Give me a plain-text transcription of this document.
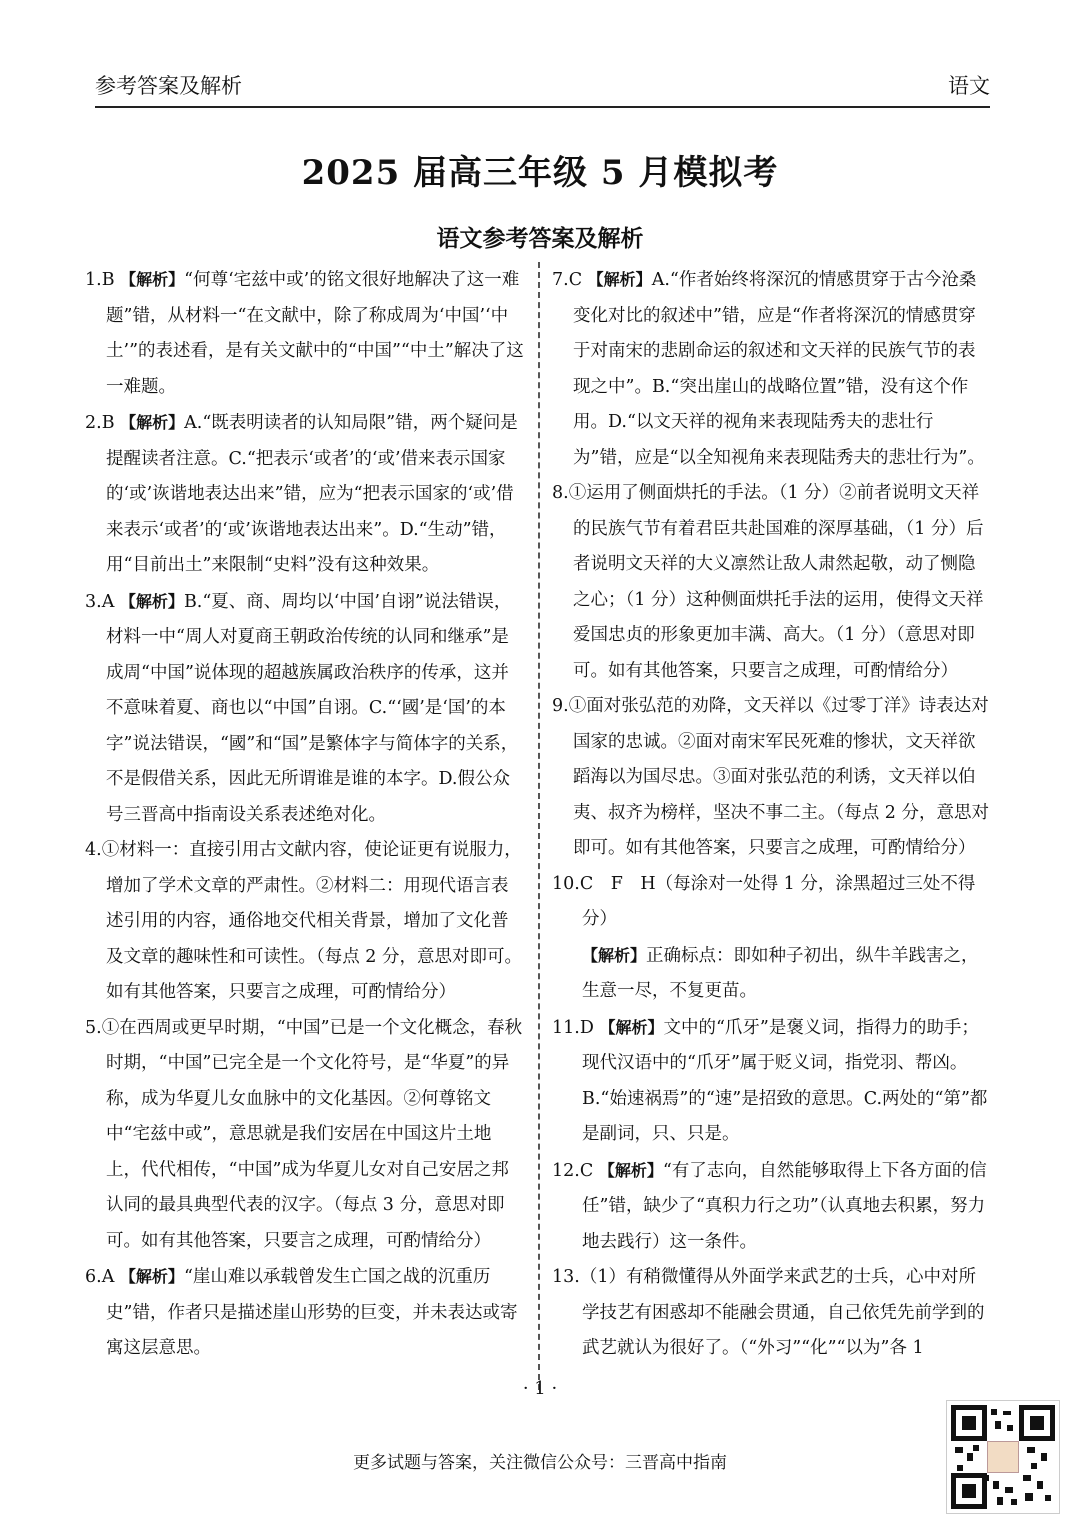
参考答案及解析	语文
2025 届高三年级 5 月模拟考
语文参考答案及解析

1.B 【解析】“何尊‘宅兹中或’的铭文很好地解决了这一难题”错，从材料一“在文献中，除了称成周为‘中国’‘中土’”的表述看，是有关文献中的“中国”“中土”解决了这一难题。

2.B 【解析】A.“既表明读者的认知局限”错，两个疑问是提醒读者注意。C.“把表示‘或者’的‘或’借来表示国家的‘或’诙谐地表达出来”错，应为“把表示国家的‘或’借来表示‘或者’的‘或’诙谐地表达出来”。D.“生动”错，用“目前出土”来限制“史料”没有这种效果。

3.A 【解析】B.“夏、商、周均以‘中国’自诩”说法错误，材料一中“周人对夏商王朝政治传统的认同和继承”是成周“中国”说体现的超越族属政治秩序的传承，这并不意味着夏、商也以“中国”自诩。C.“‘國’是‘国’的本字”说法错误，“國”和“国”是繁体字与简体字的关系，不是假借关系，因此无所谓谁是谁的本字。D.假公众号三晋高中指南设关系表述绝对化。

4.①材料一：直接引用古文献内容，使论证更有说服力，增加了学术文章的严肃性。②材料二：用现代语言表述引用的内容，通俗地交代相关背景，增加了文化普及文章的趣味性和可读性。（每点 2 分，意思对即可。如有其他答案，只要言之成理，可酌情给分）

5.①在西周或更早时期，“中国”已是一个文化概念，春秋时期，“中国”已完全是一个文化符号，是“华夏”的异称，成为华夏儿女血脉中的文化基因。②何尊铭文中“宅兹中或”，意思就是我们安居在中国这片土地上，代代相传，“中国”成为华夏儿女对自己安居之邦认同的最具典型代表的汉字。（每点 3 分，意思对即可。如有其他答案，只要言之成理，可酌情给分）

6.A 【解析】“崖山难以承载曾发生亡国之战的沉重历史”错，作者只是描述崖山形势的巨变，并未表达或寄寓这层意思。

7.C 【解析】A.“作者始终将深沉的情感贯穿于古今沧桑变化对比的叙述中”错，应是“作者将深沉的情感贯穿于对南宋的悲剧命运的叙述和文天祥的民族气节的表现之中”。B.“突出崖山的战略位置”错，没有这个作用。D.“以文天祥的视角来表现陆秀夫的悲壮行为”错，应是“以全知视角来表现陆秀夫的悲壮行为”。

8.①运用了侧面烘托的手法。（1 分）②前者说明文天祥的民族气节有着君臣共赴国难的深厚基础，（1 分）后者说明文天祥的大义凛然让敌人肃然起敬，动了恻隐之心；（1 分）这种侧面烘托手法的运用，使得文天祥爱国忠贞的形象更加丰满、高大。（1 分）（意思对即可。如有其他答案，只要言之成理，可酌情给分）

9.①面对张弘范的劝降，文天祥以《过零丁洋》诗表达对国家的忠诚。②面对南宋军民死难的惨状，文天祥欲蹈海以为国尽忠。③面对张弘范的利诱，文天祥以伯夷、叔齐为榜样，坚决不事二主。（每点 2 分，意思对即可。如有其他答案，只要言之成理，可酌情给分）

10.C　F　H（每涂对一处得 1 分，涂黑超过三处不得分）

【解析】正确标点：即如种子初出，纵牛羊践害之，生意一尽，不复更苗。

11.D 【解析】文中的“爪牙”是褒义词，指得力的助手；现代汉语中的“爪牙”属于贬义词，指党羽、帮凶。B.“始速祸焉”的“速”是招致的意思。C.两处的“第”都是副词，只、只是。

12.C 【解析】“有了志向，自然能够取得上下各方面的信任”错，缺少了“真积力行之功”（认真地去积累，努力地去践行）这一条件。

13.（1）有稍微懂得从外面学来武艺的士兵，心中对所学技艺有困惑却不能融会贯通，自己依凭先前学到的武艺就认为很好了。（“外习”“化”“以为”各 1

· 1 ·
更多试题与答案，关注微信公众号：三晋高中指南
